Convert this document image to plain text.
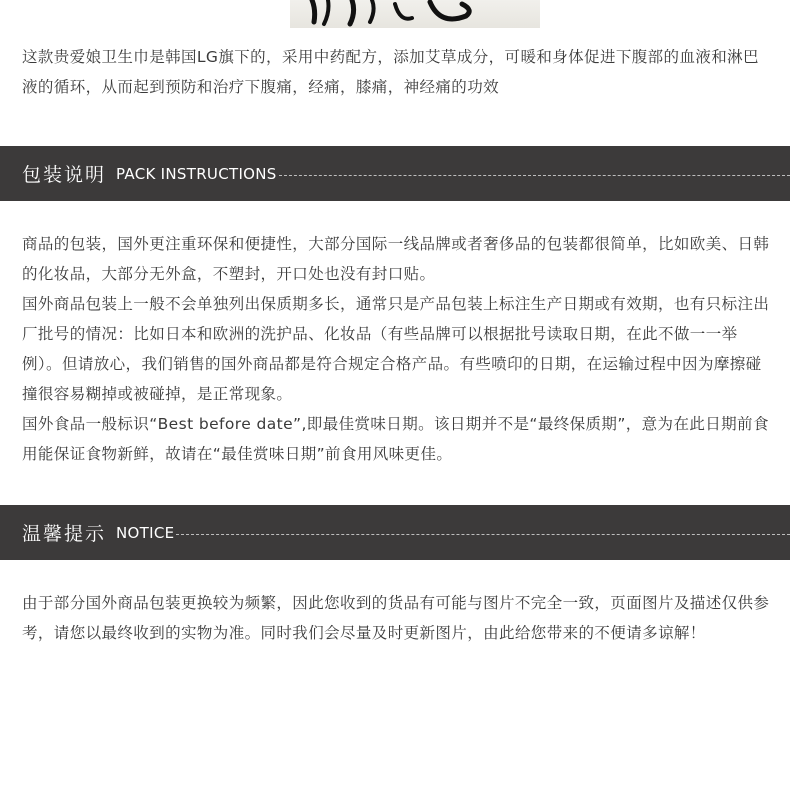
这款贵爱娘卫生巾是韩国LG旗下的，采用中药配方，添加艾草成分，可暖和身体促进下腹部的血液和淋巴液的循环，从而起到预防和治疗下腹痛，经痛，膝痛，神经痛的功效

包装说明 PACK INSTRUCTIONS

商品的包装，国外更注重环保和便捷性，大部分国际一线品牌或者奢侈品的包装都很简单，比如欧美、日韩的化妆品，大部分无外盒，不塑封，开口处也没有封口贴。

国外商品包装上一般不会单独列出保质期多长，通常只是产品包装上标注生产日期或有效期，也有只标注出厂批号的情况：比如日本和欧洲的洗护品、化妆品（有些品牌可以根据批号读取日期，在此不做一一举例）。但请放心，我们销售的国外商品都是符合规定合格产品。有些喷印的日期，在运输过程中因为摩擦碰撞很容易糊掉或被碰掉，是正常现象。

国外食品一般标识“Best before date”,即最佳赏味日期。该日期并不是“最终保质期”，意为在此日期前食用能保证食物新鲜，故请在“最佳赏味日期”前食用风味更佳。

温馨提示 NOTICE

由于部分国外商品包装更换较为频繁，因此您收到的货品有可能与图片不完全一致，页面图片及描述仅供参考，请您以最终收到的实物为准。同时我们会尽量及时更新图片，由此给您带来的不便请多谅解！
